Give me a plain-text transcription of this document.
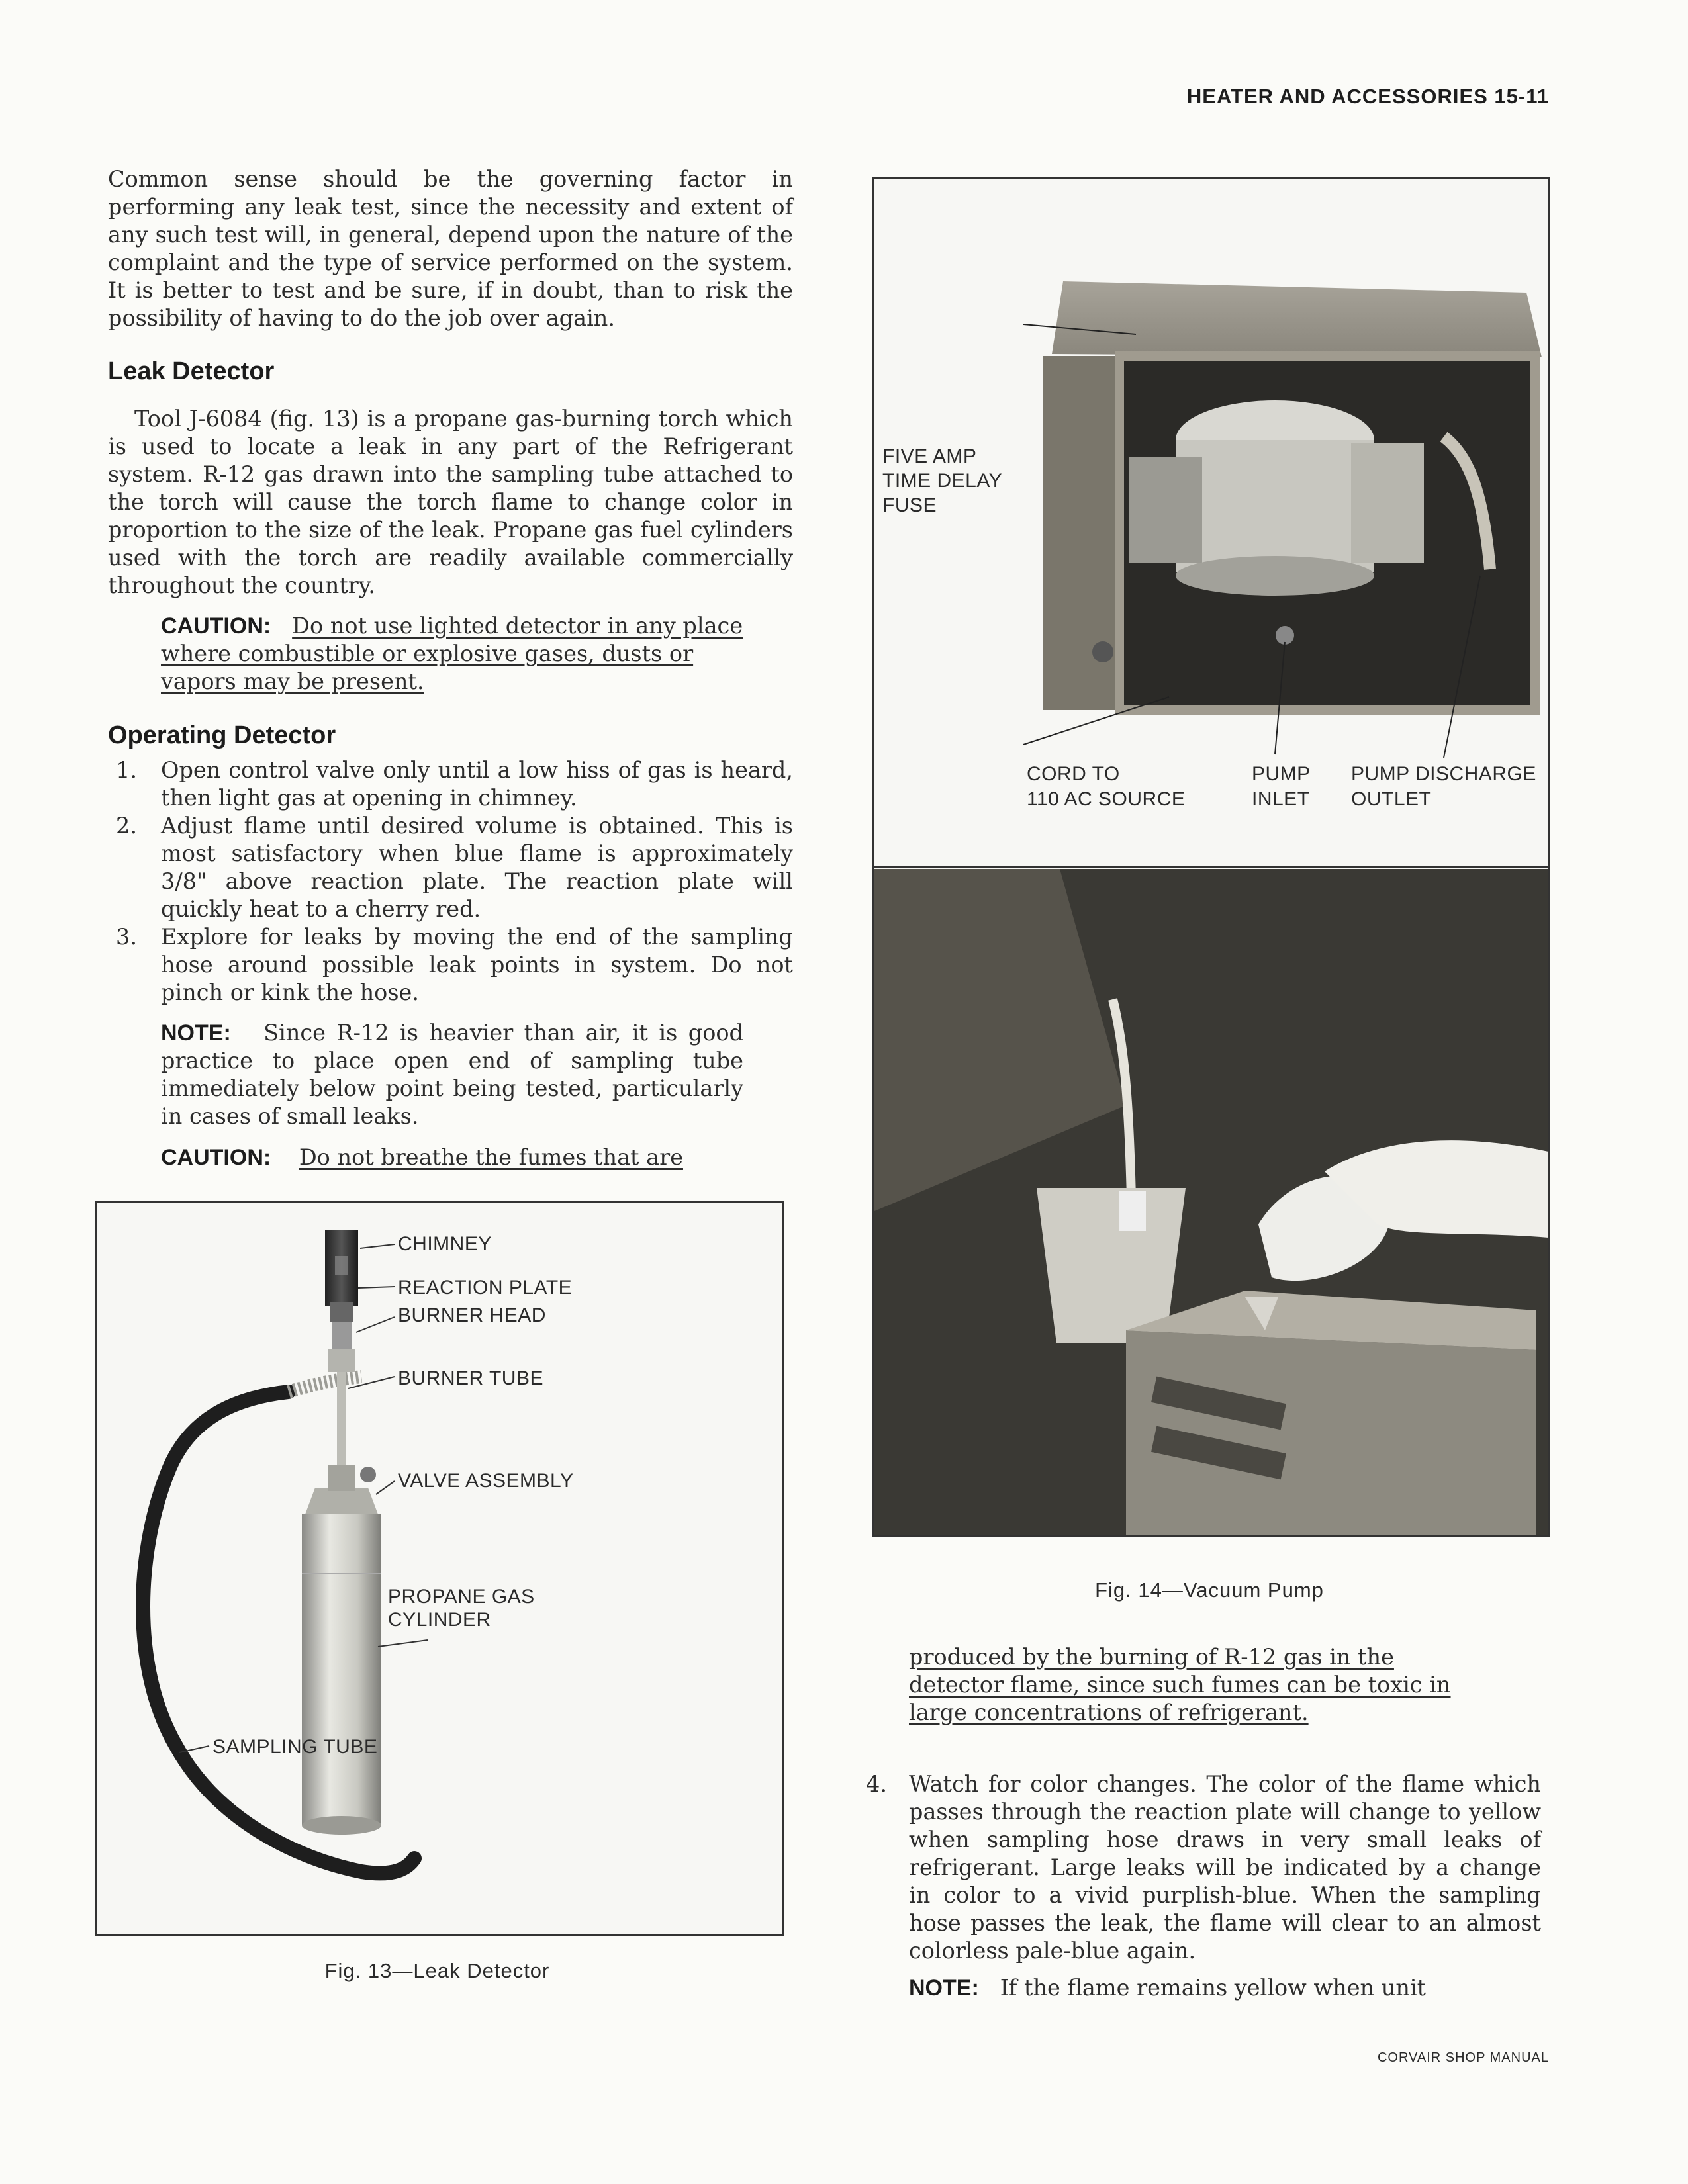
HEATER AND ACCESSORIES 15-11
CORVAIR SHOP MANUAL

Common sense should be the governing factor in performing any leak test, since the necessity and extent of any such test will, in general, depend upon the nature of the complaint and the type of service performed on the system. It is better to test and be sure, if in doubt, than to risk the possibility of having to do the job over again.

Leak Detector

Tool J-6084 (fig. 13) is a propane gas-burning torch which is used to locate a leak in any part of the Refrigerant system. R-12 gas drawn into the sampling tube attached to the torch will cause the torch flame to change color in proportion to the size of the leak. Propane gas fuel cylinders used with the torch are readily available commercially throughout the country.

CAUTION: Do not use lighted detector in any place where combustible or explosive gases, dusts or vapors may be present.

Operating Detector
1. Open control valve only until a low hiss of gas is heard, then light gas at opening in chimney.

2. Adjust flame until desired volume is obtained. This is most satisfactory when blue flame is approximately 3/8" above reaction plate. The reaction plate will quickly heat to a cherry red.

3. Explore for leaks by moving the end of the sampling hose around possible leak points in system. Do not pinch or kink the hose.

NOTE: Since R-12 is heavier than air, it is good practice to place open end of sampling tube immediately below point being tested, particularly in cases of small leaks.

CAUTION: Do not breathe the fumes that are

CHIMNEY
REACTION PLATE
BURNER HEAD
BURNER TUBE
VALVE ASSEMBLY
PROPANE GAS
CYLINDER
SAMPLING TUBE
Fig. 13—Leak Detector
FIVE AMP
TIME DELAY
FUSE
CORD TO
110 AC SOURCE
PUMP
INLET
PUMP DISCHARGE
OUTLET
Fig. 14—Vacuum Pump

produced by the burning of R-12 gas in the detector flame, since such fumes can be toxic in large concentrations of refrigerant.

4. Watch for color changes. The color of the flame which passes through the reaction plate will change to yellow when sampling hose draws in very small leaks of refrigerant. Large leaks will be indicated by a change in color to a vivid purplish-blue. When the sampling hose passes the leak, the flame will clear to an almost colorless pale-blue again.

NOTE: If the flame remains yellow when unit
